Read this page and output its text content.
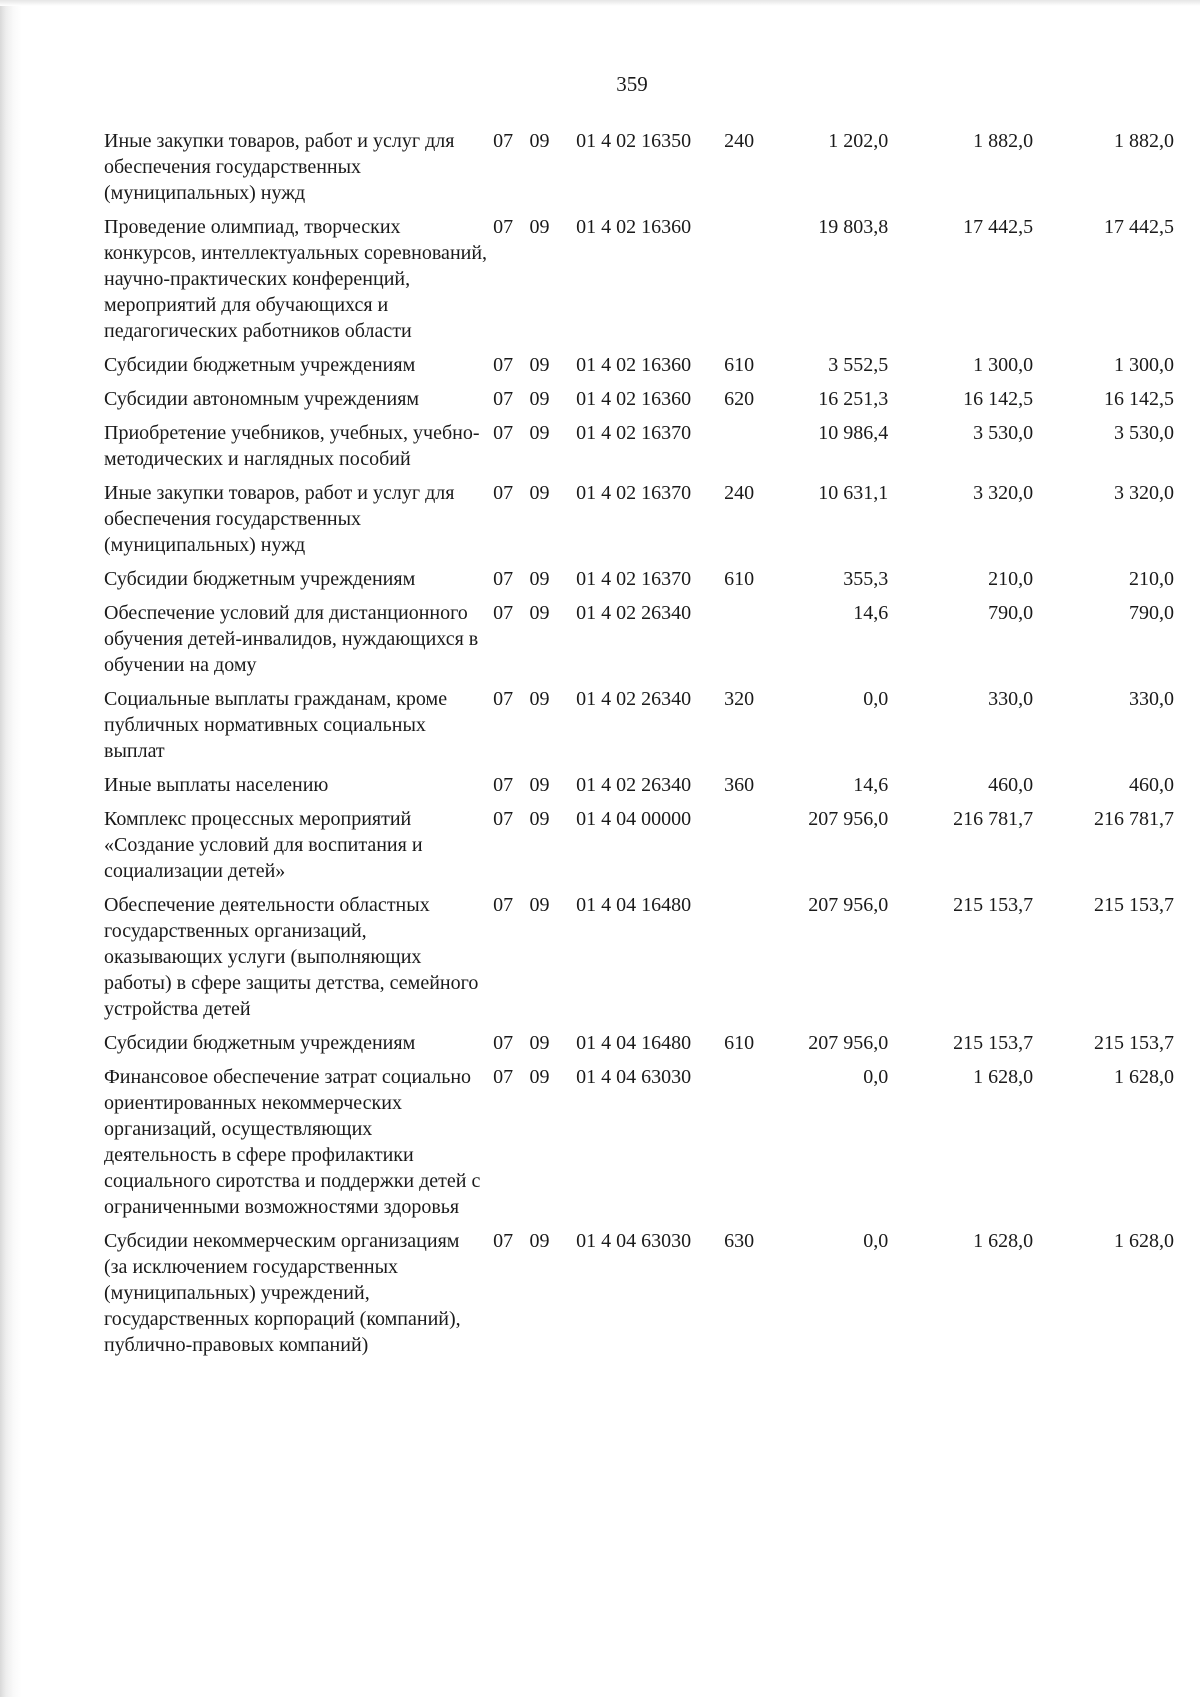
359
Иные закупки товаров, работ и услуг для обеспечения государственных (муниципальных) нужд	07	09	01 4 02 16350	240	1 202,0	1 882,0	1 882,0
Проведение олимпиад, творческих конкурсов, интеллектуальных соревнований, научно-практических конференций, мероприятий для обучающихся и педагогических работников области	07	09	01 4 02 16360		19 803,8	17 442,5	17 442,5
Субсидии бюджетным учреждениям	07	09	01 4 02 16360	610	3 552,5	1 300,0	1 300,0
Субсидии автономным учреждениям	07	09	01 4 02 16360	620	16 251,3	16 142,5	16 142,5
Приобретение учебников, учебных, учебно-методических и наглядных пособий	07	09	01 4 02 16370		10 986,4	3 530,0	3 530,0
Иные закупки товаров, работ и услуг для обеспечения государственных (муниципальных) нужд	07	09	01 4 02 16370	240	10 631,1	3 320,0	3 320,0
Субсидии бюджетным учреждениям	07	09	01 4 02 16370	610	355,3	210,0	210,0
Обеспечение условий для дистанционного обучения детей-инвалидов, нуждающихся в обучении на дому	07	09	01 4 02 26340		14,6	790,0	790,0
Социальные выплаты гражданам, кроме публичных нормативных социальных выплат	07	09	01 4 02 26340	320	0,0	330,0	330,0
Иные выплаты населению	07	09	01 4 02 26340	360	14,6	460,0	460,0
Комплекс процессных мероприятий «Создание условий для воспитания и социализации детей»	07	09	01 4 04 00000		207 956,0	216 781,7	216 781,7
Обеспечение деятельности областных государственных организаций, оказывающих услуги (выполняющих работы) в сфере защиты детства, семейного устройства детей	07	09	01 4 04 16480		207 956,0	215 153,7	215 153,7
Субсидии бюджетным учреждениям	07	09	01 4 04 16480	610	207 956,0	215 153,7	215 153,7
Финансовое обеспечение затрат социально ориентированных некоммерческих организаций, осуществляющих деятельность в сфере профилактики социального сиротства и поддержки детей с ограниченными возможностями здоровья	07	09	01 4 04 63030		0,0	1 628,0	1 628,0
Субсидии некоммерческим организациям (за исключением государственных (муниципальных) учреждений, государственных корпораций (компаний), публично-правовых компаний)	07	09	01 4 04 63030	630	0,0	1 628,0	1 628,0
